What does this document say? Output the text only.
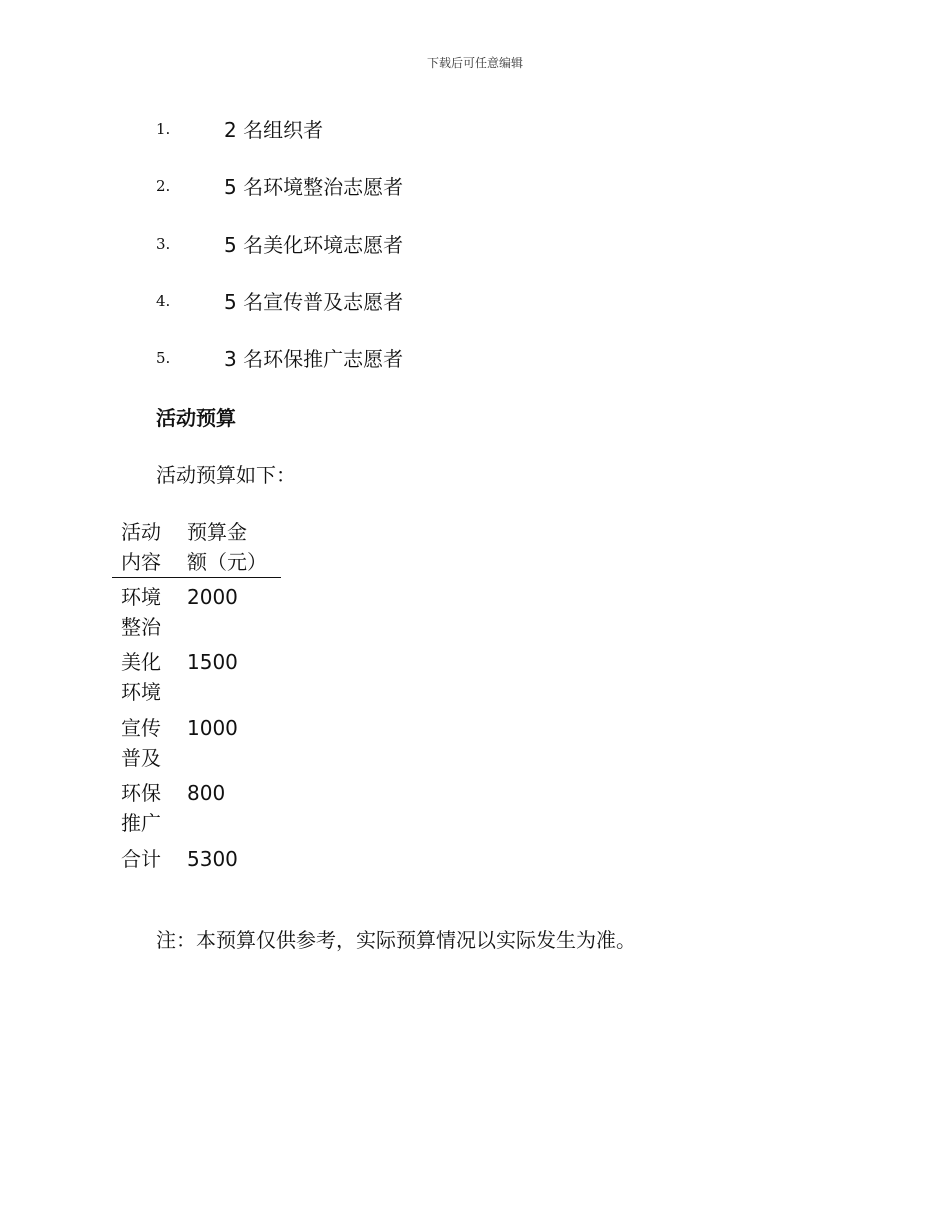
下载后可任意编辑
1.	2 名组织者
2.	5 名环境整治志愿者
3.	5 名美化环境志愿者
4.	5 名宣传普及志愿者
5.	3 名环保推广志愿者
活动预算
活动预算如下：
活动内容	预算金额（元）

环境整治	2000

美化环境	1500

宣传普及	1000

环保推广	800

合计	5300
注：本预算仅供参考，实际预算情况以实际发生为准。
